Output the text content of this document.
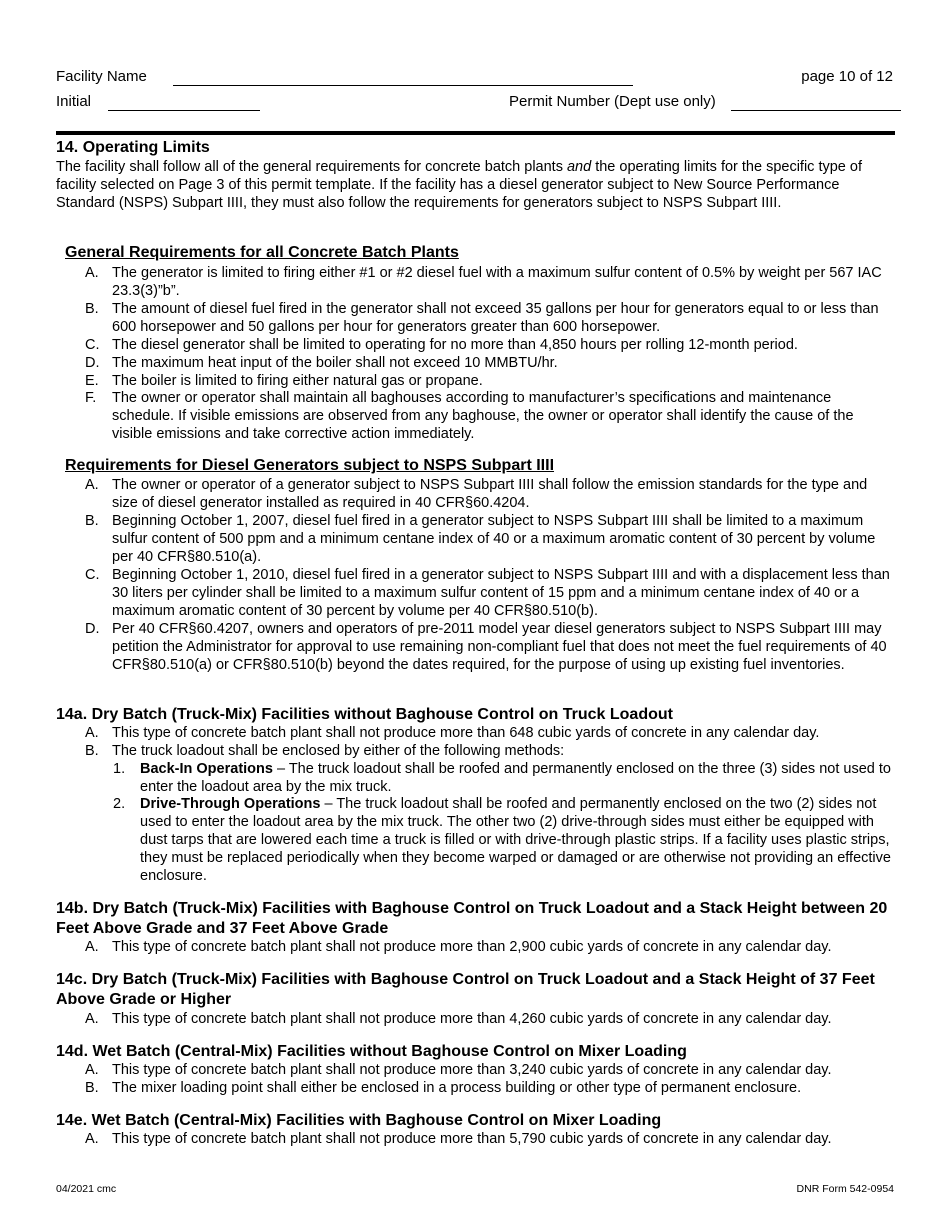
Facility Name	page 10 of 12
Initial	Permit Number (Dept use only)
14. Operating Limits
The facility shall follow all of the general requirements for concrete batch plants and the operating limits for the specific type of facility selected on Page 3 of this permit template. If the facility has a diesel generator subject to New Source Performance Standard (NSPS) Subpart IIII, they must also follow the requirements for generators subject to NSPS Subpart IIII.
General Requirements for all Concrete Batch Plants
A. The generator is limited to firing either #1 or #2 diesel fuel with a maximum sulfur content of 0.5% by weight per 567 IAC 23.3(3)”b”.
B. The amount of diesel fuel fired in the generator shall not exceed 35 gallons per hour for generators equal to or less than 600 horsepower and 50 gallons per hour for generators greater than 600 horsepower.
C. The diesel generator shall be limited to operating for no more than 4,850 hours per rolling 12-month period.
D. The maximum heat input of the boiler shall not exceed 10 MMBTU/hr.
E. The boiler is limited to firing either natural gas or propane.
F.	The owner or operator shall maintain all baghouses according to manufacturer’s specifications and maintenance schedule. If visible emissions are observed from any baghouse, the owner or operator shall identify the cause of the visible emissions and take corrective action immediately.
Requirements for Diesel Generators subject to NSPS Subpart IIII
A. The owner or operator of a generator subject to NSPS Subpart IIII shall follow the emission standards for the type and size of diesel generator installed as required in 40 CFR§60.4204.
B. Beginning October 1, 2007, diesel fuel fired in a generator subject to NSPS Subpart IIII shall be limited to a maximum sulfur content of 500 ppm and a minimum centane index of 40 or a maximum aromatic content of 30 percent by volume per 40 CFR§80.510(a).
C. Beginning October 1, 2010, diesel fuel fired in a generator subject to NSPS Subpart IIII and with a displacement less than 30 liters per cylinder shall be limited to a maximum sulfur content of 15 ppm and a minimum centane index of 40 or a maximum aromatic content of 30 percent by volume per 40 CFR§80.510(b).
D. Per 40 CFR§60.4207, owners and operators of pre-2011 model year diesel generators subject to NSPS Subpart IIII may petition the Administrator for approval to use remaining non-compliant fuel that does not meet the fuel requirements of 40 CFR§80.510(a) or CFR§80.510(b) beyond the dates required, for the purpose of using up existing fuel inventories.
14a. Dry Batch (Truck-Mix) Facilities without Baghouse Control on Truck Loadout
A. This type of concrete batch plant shall not produce more than 648 cubic yards of concrete in any calendar day.
B. The truck loadout shall be enclosed by either of the following methods:
1.	Back-In Operations – The truck loadout shall be roofed and permanently enclosed on the three (3) sides not used to enter the loadout area by the mix truck.
2.	Drive-Through Operations – The truck loadout shall be roofed and permanently enclosed on the two (2) sides not used to enter the loadout area by the mix truck. The other two (2) drive-through sides must either be equipped with dust tarps that are lowered each time a truck is filled or with drive-through plastic strips. If a facility uses plastic strips, they must be replaced periodically when they become warped or damaged or are otherwise not providing an effective enclosure.
14b. Dry Batch (Truck-Mix) Facilities with Baghouse Control on Truck Loadout and a Stack Height between 20 Feet Above Grade and 37 Feet Above Grade
A. This type of concrete batch plant shall not produce more than 2,900 cubic yards of concrete in any calendar day.
14c. Dry Batch (Truck-Mix) Facilities with Baghouse Control on Truck Loadout and a Stack Height of 37 Feet Above Grade or Higher
A. This type of concrete batch plant shall not produce more than 4,260 cubic yards of concrete in any calendar day.
14d. Wet Batch (Central-Mix) Facilities without Baghouse Control on Mixer Loading
A. This type of concrete batch plant shall not produce more than 3,240 cubic yards of concrete in any calendar day.
B. The mixer loading point shall either be enclosed in a process building or other type of permanent enclosure.
14e. Wet Batch (Central-Mix) Facilities with Baghouse Control on Mixer Loading
A. This type of concrete batch plant shall not produce more than 5,790 cubic yards of concrete in any calendar day.
04/2021 cmc	DNR Form 542-0954
